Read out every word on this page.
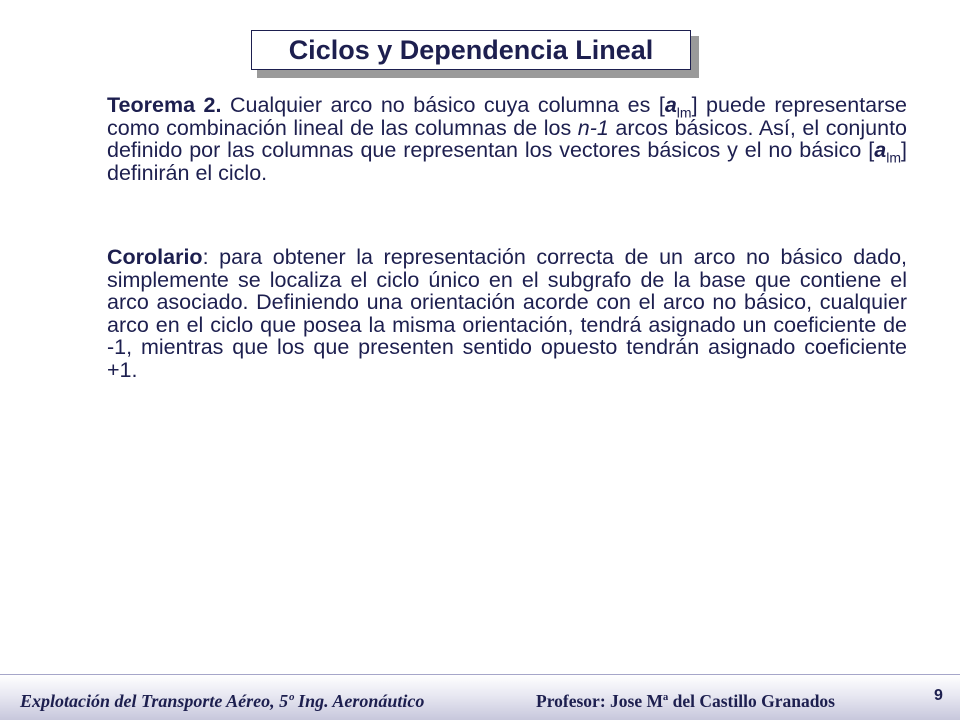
Ciclos y Dependencia Lineal

Teorema 2. Cualquier arco no básico cuya columna es $[a_{lm}]$ puede representarse como combinación lineal de las columnas de los n-1 arcos básicos. Así, el conjunto definido por las columnas que representan los vectores básicos y el no básico $[a_{lm}]$ definirán el ciclo.

Corolario: para obtener la representación correcta de un arco no básico dado, simplemente se localiza el ciclo único en el subgrafo de la base que contiene el arco asociado. Definiendo una orientación acorde con el arco no básico, cualquier arco en el ciclo que posea la misma orientación, tendrá asignado un coeficiente de -1, mientras que los que presenten sentido opuesto tendrán asignado coeficiente +1.

Explotación del Transporte Aéreo, 5º Ing. Aeronáutico	Profesor: Jose Mª del Castillo Granados	9
